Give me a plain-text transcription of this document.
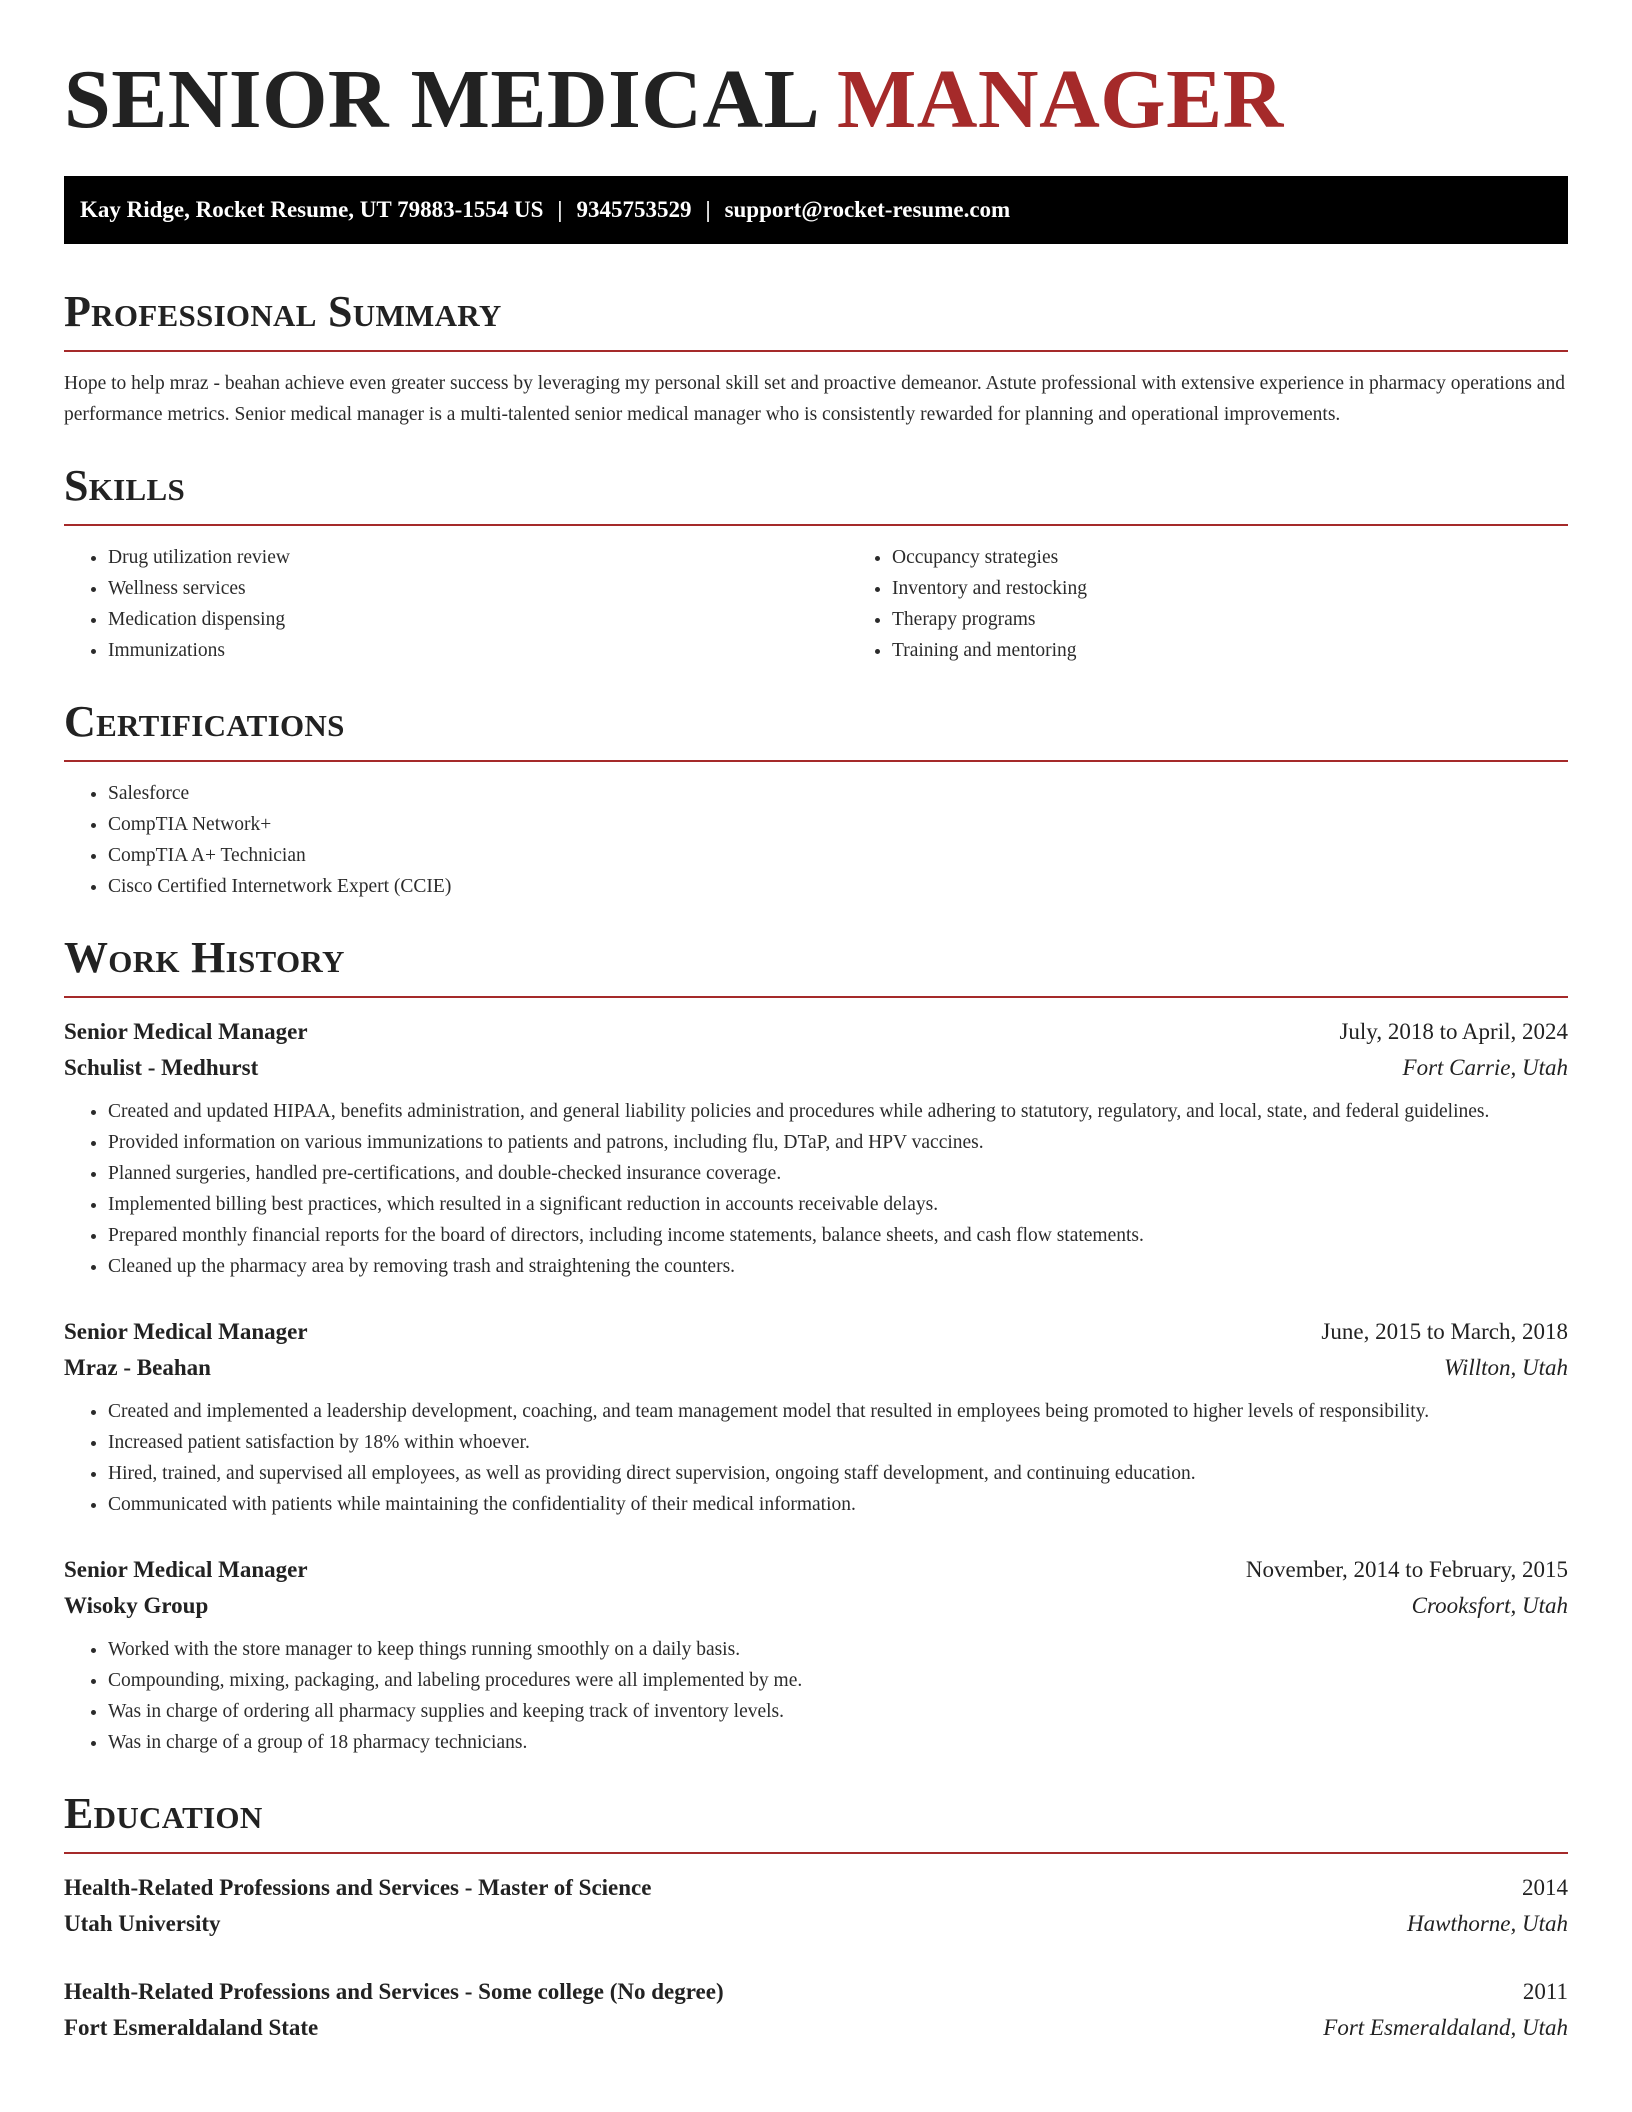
SENIOR MEDICAL MANAGER
Kay Ridge, Rocket Resume, UT 79883-1554 US | 9345753529 | support@rocket-resume.com
Professional Summary
Hope to help mraz - beahan achieve even greater success by leveraging my personal skill set and proactive demeanor. Astute professional with extensive experience in pharmacy operations and performance metrics. Senior medical manager is a multi-talented senior medical manager who is consistently rewarded for planning and operational improvements.
Skills
• Drug utilization review
• Wellness services
• Medication dispensing
• Immunizations
• Occupancy strategies
• Inventory and restocking
• Therapy programs
• Training and mentoring
Certifications
• Salesforce
• CompTIA Network+
• CompTIA A+ Technician
• Cisco Certified Internetwork Expert (CCIE)
Work History
Senior Medical Manager	July, 2018 to April, 2024
Schulist - Medhurst	Fort Carrie, Utah
• Created and updated HIPAA, benefits administration, and general liability policies and procedures while adhering to statutory, regulatory, and local, state, and federal guidelines.
• Provided information on various immunizations to patients and patrons, including flu, DTaP, and HPV vaccines.
• Planned surgeries, handled pre-certifications, and double-checked insurance coverage.
• Implemented billing best practices, which resulted in a significant reduction in accounts receivable delays.
• Prepared monthly financial reports for the board of directors, including income statements, balance sheets, and cash flow statements.
• Cleaned up the pharmacy area by removing trash and straightening the counters.
Senior Medical Manager	June, 2015 to March, 2018
Mraz - Beahan	Willton, Utah
• Created and implemented a leadership development, coaching, and team management model that resulted in employees being promoted to higher levels of responsibility.
• Increased patient satisfaction by 18% within whoever.
• Hired, trained, and supervised all employees, as well as providing direct supervision, ongoing staff development, and continuing education.
• Communicated with patients while maintaining the confidentiality of their medical information.
Senior Medical Manager	November, 2014 to February, 2015
Wisoky Group	Crooksfort, Utah
• Worked with the store manager to keep things running smoothly on a daily basis.
• Compounding, mixing, packaging, and labeling procedures were all implemented by me.
• Was in charge of ordering all pharmacy supplies and keeping track of inventory levels.
• Was in charge of a group of 18 pharmacy technicians.
Education
Health-Related Professions and Services - Master of Science	2014
Utah University	Hawthorne, Utah
Health-Related Professions and Services - Some college (No degree)	2011
Fort Esmeraldaland State	Fort Esmeraldaland, Utah
